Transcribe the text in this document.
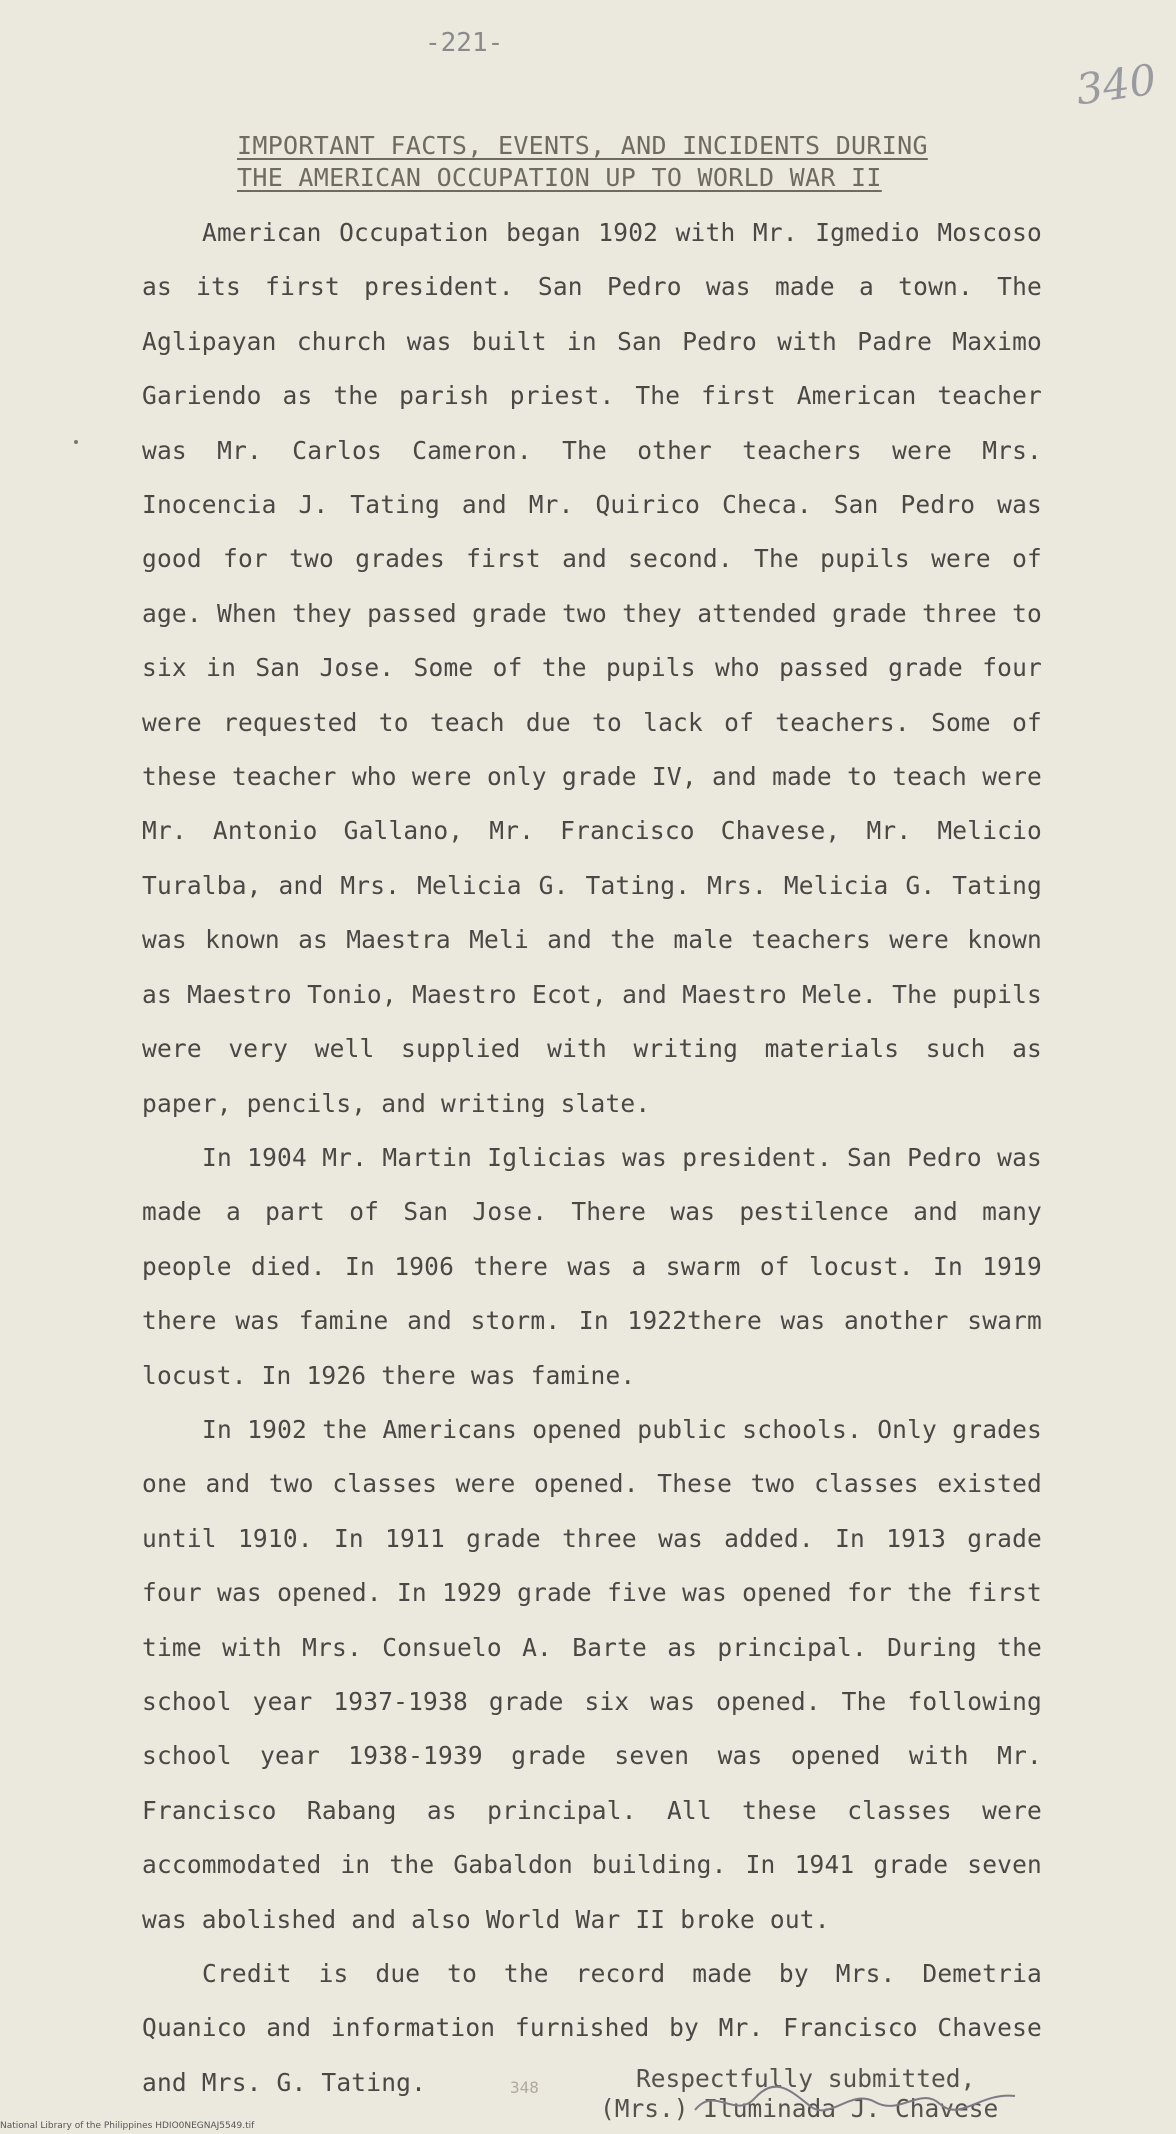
-221-
340
IMPORTANT FACTS, EVENTS, AND INCIDENTS DURING
THE AMERICAN OCCUPATION UP TO WORLD WAR II

American Occupation began 1902 with Mr. Igmedio Moscoso as its first president. San Pedro was made a town. The Aglipayan church was built in San Pedro with Padre Maximo Gariendo as the parish priest. The first American teacher was Mr. Carlos Cameron. The other teachers were Mrs. Inocencia J. Tating and Mr. Quirico Checa. San Pedro was good for two grades first and second. The pupils were of age. When they passed grade two they attended grade three to six in San Jose. Some of the pupils who passed grade four were requested to teach due to lack of teachers. Some of these teacher who were only grade IV, and made to teach were Mr. Antonio Gallano, Mr. Francisco Chavese, Mr. Melicio Turalba, and Mrs. Melicia G. Tating. Mrs. Melicia G. Tating was known as Maestra Meli and the male teachers were known as Maestro Tonio, Maestro Ecot, and Maestro Mele. The pupils were very well supplied with writing materials such as paper, pencils, and writing slate.

In 1904 Mr. Martin Iglicias was president. San Pedro was made a part of San Jose. There was pestilence and many people died. In 1906 there was a swarm of locust. In 1919 there was famine and storm. In 1922there was another swarm locust. In 1926 there was famine.

In 1902 the Americans opened public schools. Only grades one and two classes were opened. These two classes existed until 1910. In 1911 grade three was added. In 1913 grade four was opened. In 1929 grade five was opened for the first time with Mrs. Consuelo A. Barte as principal. During the school year 1937-1938 grade six was opened. The following school year 1938-1939 grade seven was opened with Mr. Francisco Rabang as principal. All these classes were accommodated in the Gabaldon building. In 1941 grade seven was abolished and also World War II broke out.

Credit is due to the record made by Mrs. Demetria Quanico and information furnished by Mr. Francisco Chavese and Mrs. G. Tating.	348	Respectfully submitted,
(Mrs.) Iluminada J. Chavese
National Library of the Philippines HDIO0NEGNAJ5549.tif
